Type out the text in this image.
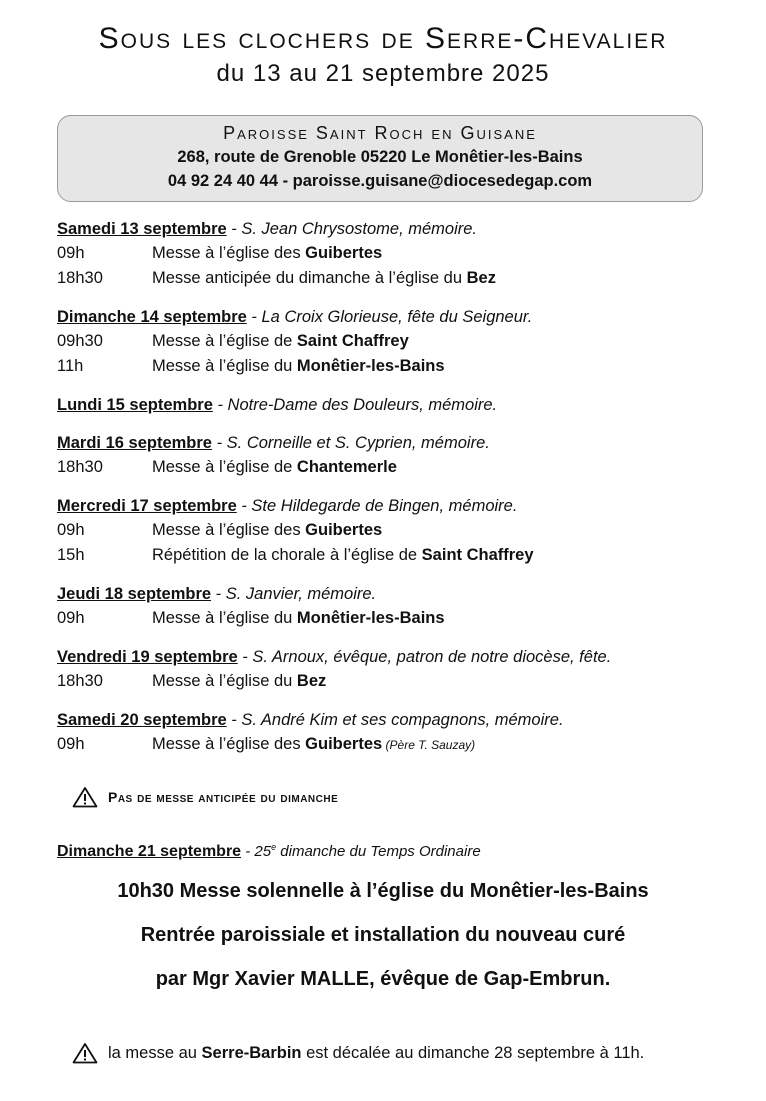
Sous les clochers de Serre-Chevalier
du 13 au 21 septembre 2025
Paroisse Saint Roch en Guisane
268, route de Grenoble 05220 Le Monêtier-les-Bains
04 92 24 40 44 - paroisse.guisane@diocesedegap.com
Samedi 13 septembre - S. Jean Chrysostome, mémoire.
09h	Messe à l’église des Guibertes
18h30	Messe anticipée du dimanche à l’église du Bez
Dimanche 14 septembre - La Croix Glorieuse, fête du Seigneur.
09h30	Messe à l’église de Saint Chaffrey
11h	Messe à l’église du Monêtier-les-Bains
Lundi 15 septembre - Notre-Dame des Douleurs, mémoire.
Mardi 16 septembre - S. Corneille et S. Cyprien, mémoire.
18h30	Messe à l’église de Chantemerle
Mercredi 17 septembre - Ste Hildegarde de Bingen, mémoire.
09h	Messe à l’église des Guibertes
15h	Répétition de la chorale à l’église de Saint Chaffrey
Jeudi 18 septembre - S. Janvier, mémoire.
09h	Messe à l’église du Monêtier-les-Bains
Vendredi 19 septembre - S. Arnoux, évêque, patron de notre diocèse, fête.
18h30	Messe à l’église du Bez
Samedi 20 septembre - S. André Kim et ses compagnons, mémoire.
09h	Messe à l’église des Guibertes (Père T. Sauzay)
Pas de messe anticipée du dimanche
Dimanche 21 septembre - 25e dimanche du Temps Ordinaire
10h30 Messe solennelle à l’église du Monêtier-les-Bains
Rentrée paroissiale et installation du nouveau curé
par Mgr Xavier MALLE, évêque de Gap-Embrun.
la messe au Serre-Barbin est décalée au dimanche 28 septembre à 11h.
